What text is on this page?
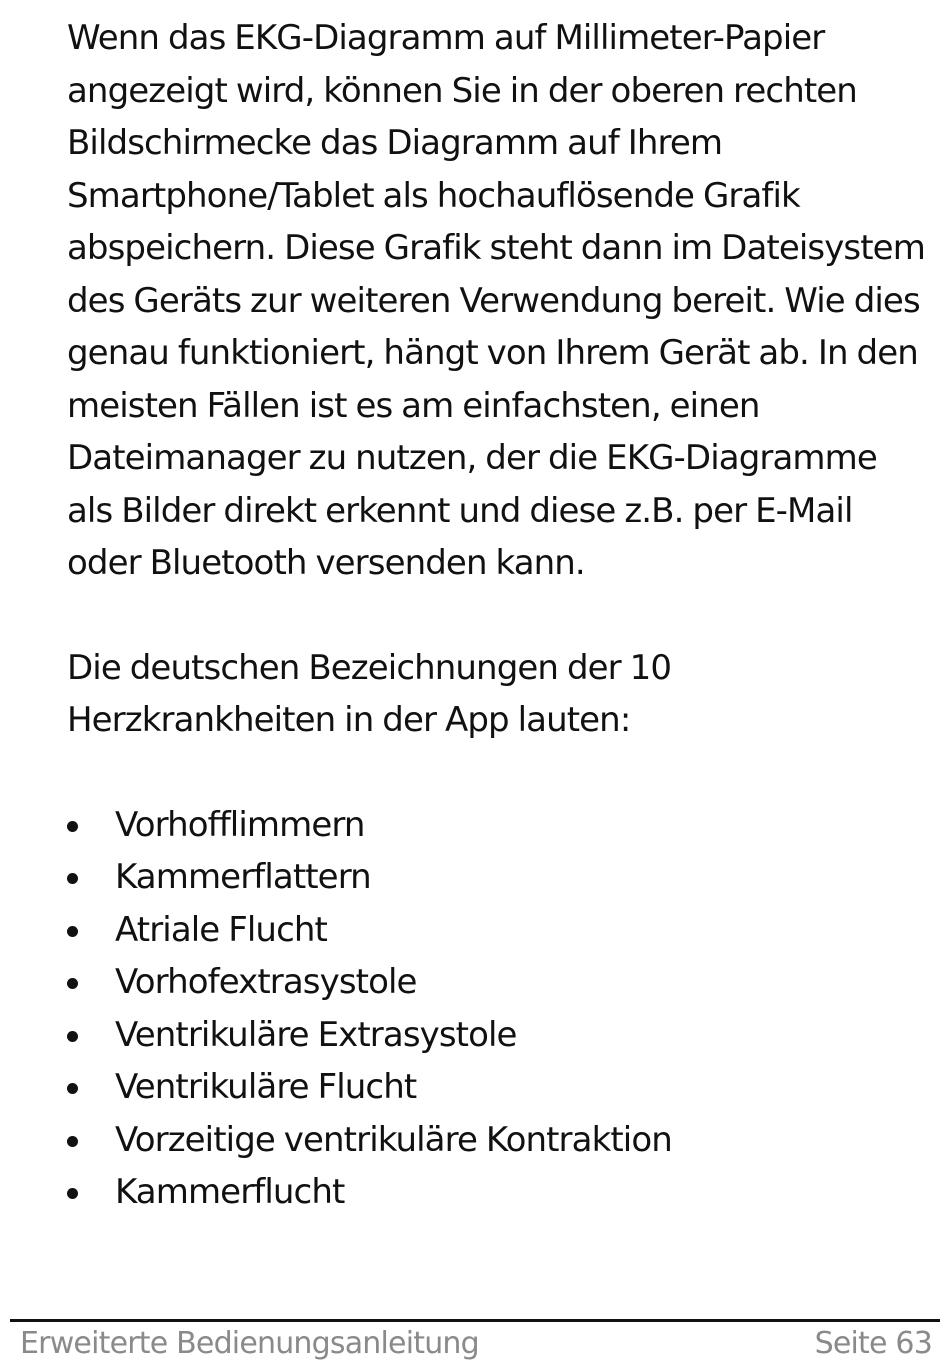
Wenn das EKG-Diagramm auf Millimeter-Papier angezeigt wird, können Sie in der oberen rechten Bildschirmecke das Diagramm auf Ihrem Smartphone/Tablet als hochauflösende Grafik abspeichern. Diese Grafik steht dann im Dateisystem des Geräts zur weiteren Verwendung bereit. Wie dies genau funktioniert, hängt von Ihrem Gerät ab. In den meisten Fällen ist es am einfachsten, einen Dateimanager zu nutzen, der die EKG-Diagramme als Bilder direkt erkennt und diese z.B. per E-Mail oder Bluetooth versenden kann.

Die deutschen Bezeichnungen der 10 Herzkrankheiten in der App lauten:

Vorhofflimmern
Kammerflattern
Atriale Flucht
Vorhofextrasystole
Ventrikuläre Extrasystole
Ventrikuläre Flucht
Vorzeitige ventrikuläre Kontraktion
Kammerflucht
Erweiterte Bedienungsanleitung	Seite 63
